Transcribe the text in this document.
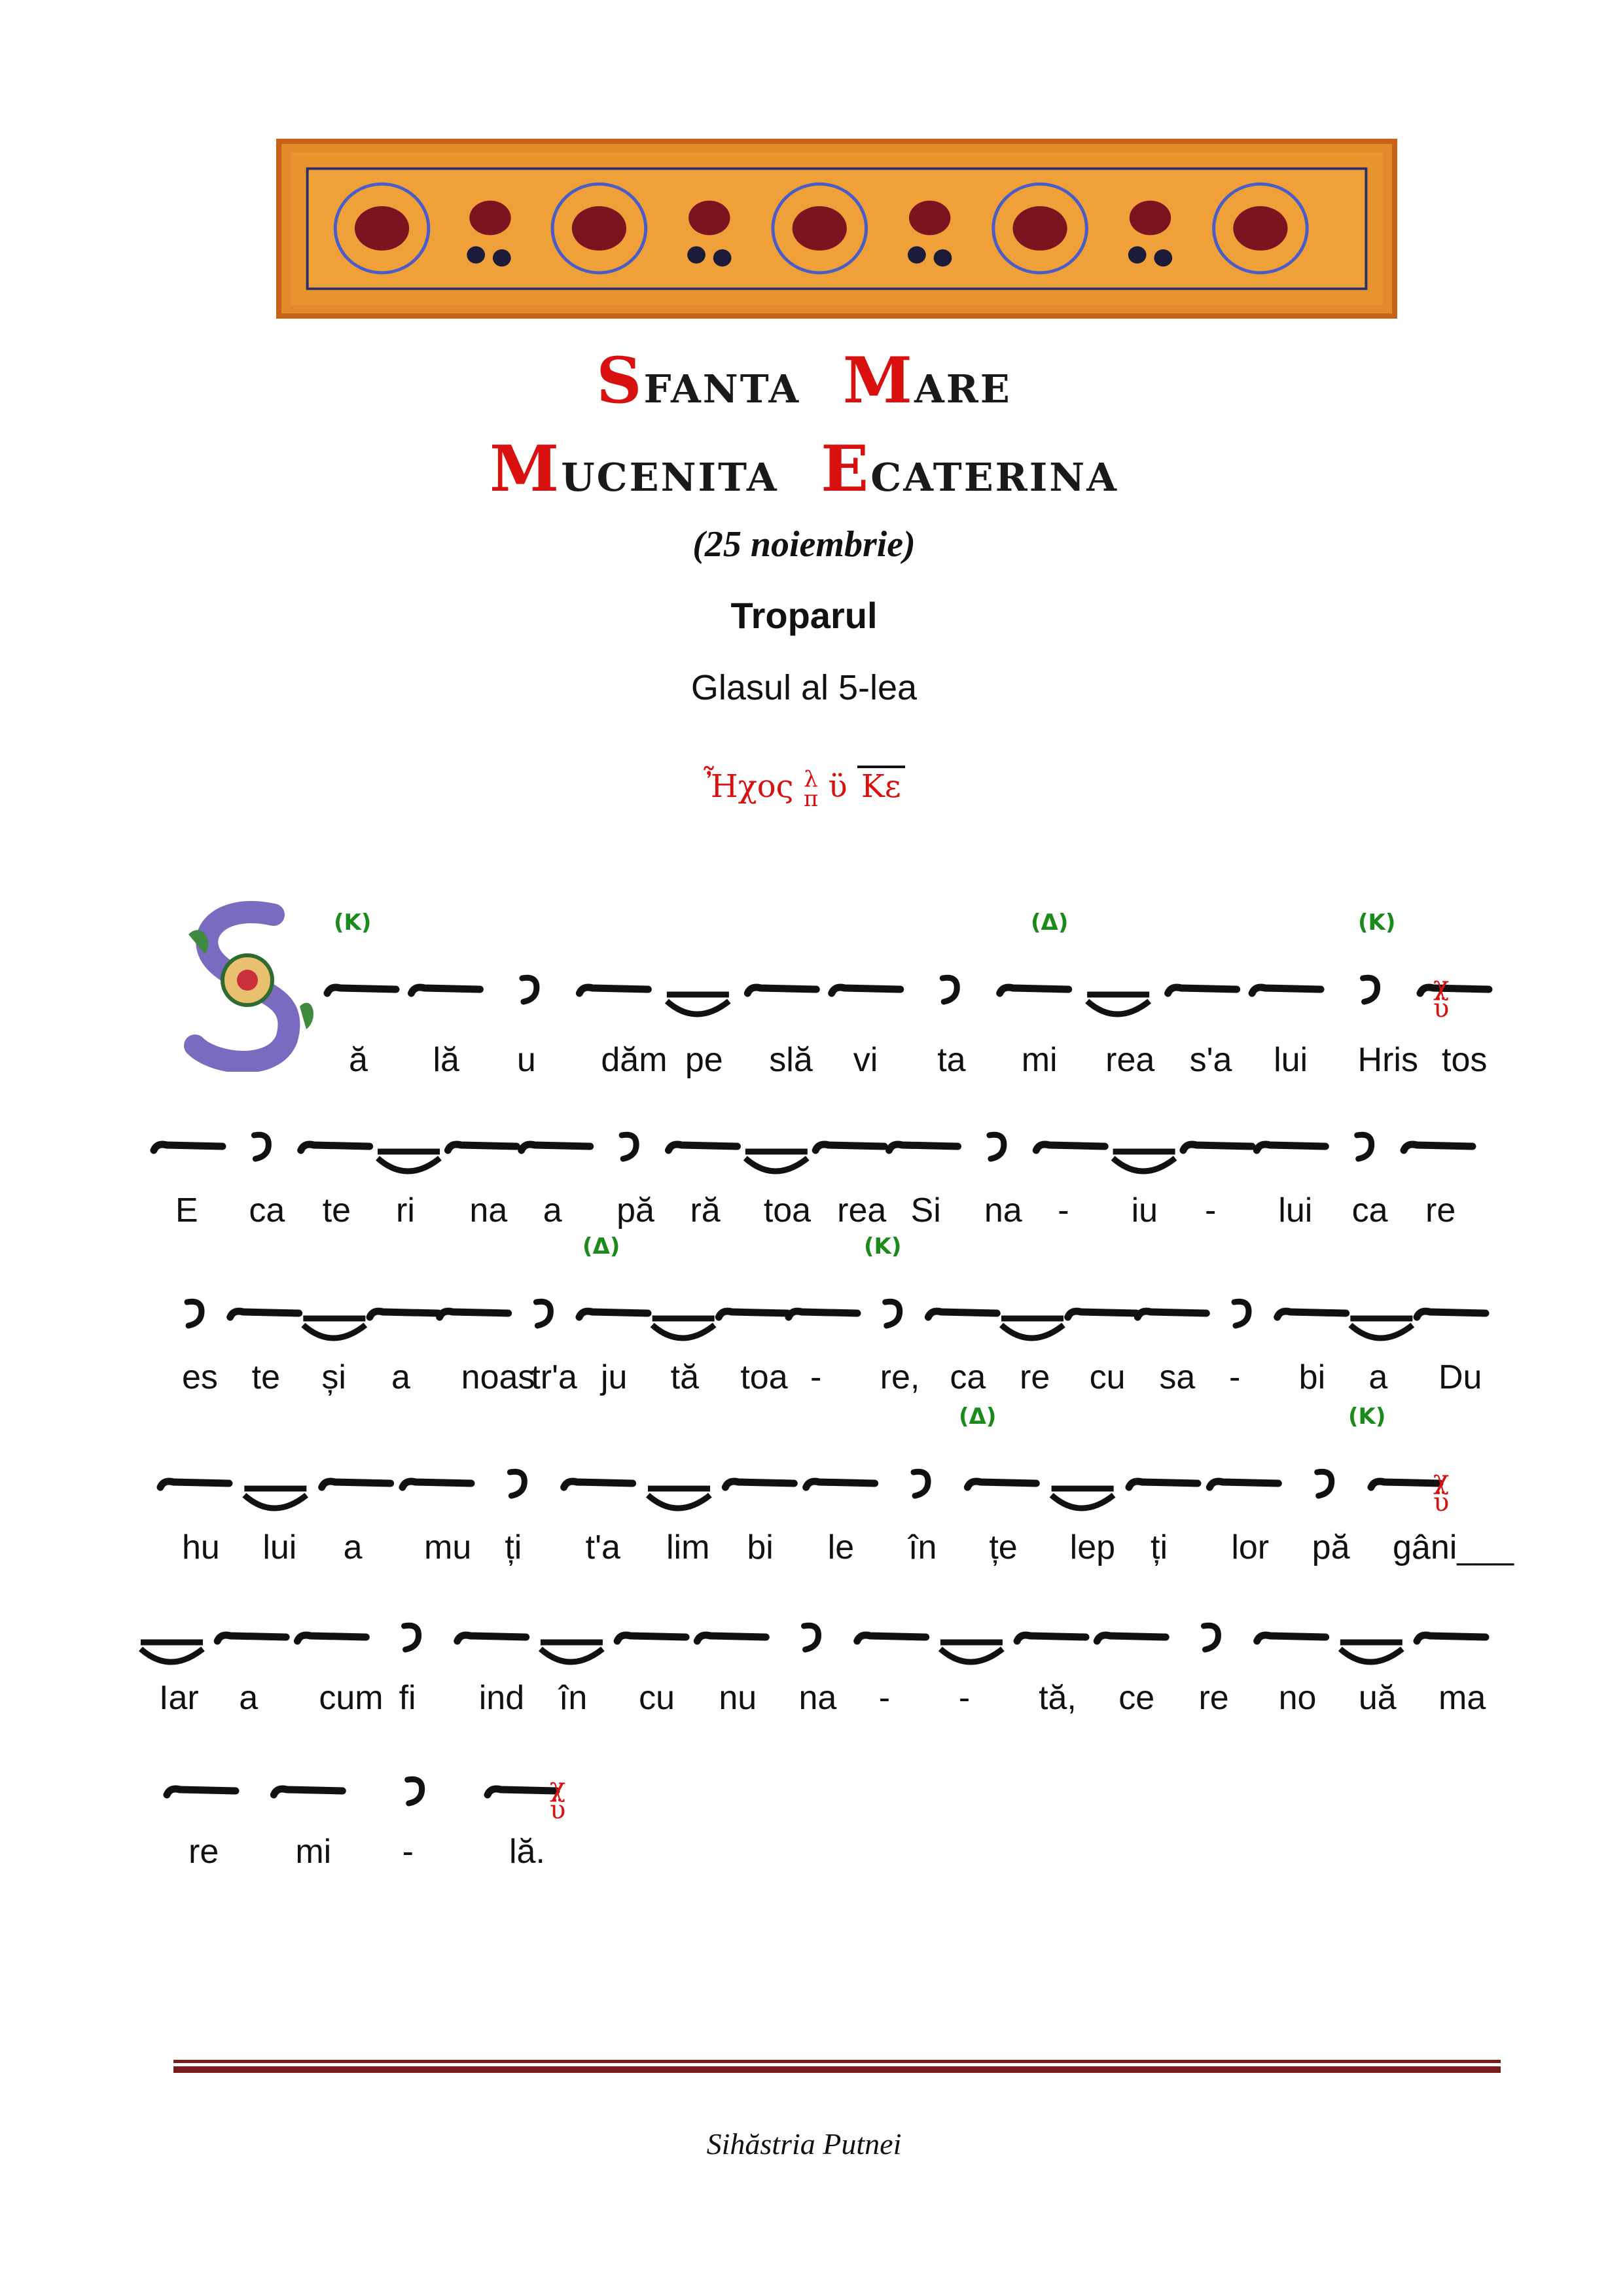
Sfanta Mare
Mucenita Ecaterina
(25 noiembrie)
Troparul
Glasul al 5-lea
Ἦχος λ
π ϋ Κε
χ
ϋ
ă lă u dăm pe slă vi ta mi rea s'a lui Hris tos
E ca te ri na a pă ră toa rea Si na - iu - lui ca re
es te și a noas
tr'a ju tă toa - re, ca re cu sa - bi a Du
χ
ϋ
hu lui a mu ți t'a lim bi le în țe lep ți lor pă gâni___
Iar a cum fi ind în cu nu na - - tă, ce re no uă ma
χ
ϋ
re mi -	lă.
(Κ)	(Δ)	(Κ)
(Δ)	(Κ)
(Δ)	(Κ)
Sihăstria Putnei
